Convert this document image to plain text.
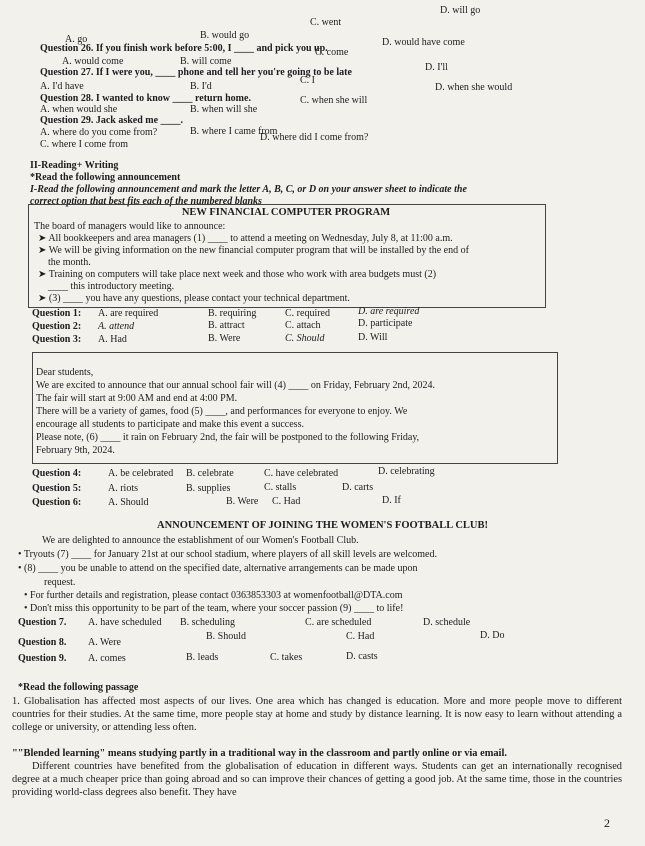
D. will go
C. went
B. would go
A. go
Question 26. If you finish work before 5:00, I ____ and pick you up.
D. would have come
C. come
A. would come	B. will come
Question 27. If I were you, ____ phone and tell her you're going to be late	D. I'll
C. I
A. I'd have	B. I'd	D. when she would
Question 28. I wanted to know ____ return home.	C. when she will
A. when would she	B. when will she
Question 29. Jack asked me ____.
A. where do you come from?	B. where I came from
C. where I come from
D. where did I come from?
II-Reading+ Writing
*Read the following announcement
I-Read the following announcement and mark the letter A, B, C, or D on your answer sheet to indicate the
correct option that best fits each of the numbered blanks
NEW FINANCIAL COMPUTER PROGRAM
The board of managers would like to announce:
➤ All bookkeepers and area managers (1) ____ to attend a meeting on Wednesday, July 8, at 11:00 a.m.
➤ We will be giving information on the new financial computer program that will be installed by the end of
the month.
➤ Training on computers will take place next week and those who work with area budgets must (2)
____ this introductory meeting.
➤ (3) ____ you have any questions, please contact your technical department.
Question 1: A. are required	B. requiring	C. required	D. are required
Question 2: A. attend	B. attract	C. attach	D. participate
Question 3: A. Had	B. Were	C. Should	D. Will
Dear students,
We are excited to announce that our annual school fair will (4) ____ on Friday, February 2nd, 2024.
The fair will start at 9:00 AM and end at 4:00 PM.
There will be a variety of games, food (5) ____, and performances for everyone to enjoy. We
encourage all students to participate and make this event a success.
Please note, (6) ____ it rain on February 2nd, the fair will be postponed to the following Friday,
February 9th, 2024.
Question 4:	A. be celebrated B. celebrate	C. have celebrated	D. celebrating
Question 5:	A. riots	B. supplies	C. stalls	D. carts
Question 6:	A. Should	B. Were C. Had	D. If
ANNOUNCEMENT OF JOINING THE WOMEN'S FOOTBALL CLUB!
We are delighted to announce the establishment of our Women's Football Club.
• Tryouts (7) ____ for January 21st at our school stadium, where players of all skill levels are welcomed.
• (8) ____ you be unable to attend on the specified date, alternative arrangements can be made upon
request.
• For further details and registration, please contact 0363853303 at womenfootball@DTA.com
• Don't miss this opportunity to be part of the team, where your soccer passion (9) ____ to life!
Question 7. A. have scheduled B. scheduling	C. are scheduled	D. schedule
Question 8. A. Were
B. Should	C. Had	D. Do
Question 9. A. comes	B. leads	C. takes	D. casts
*Read the following passage
1. Globalisation has affected most aspects of our lives. One area which has changed is education. More and more people move to different countries for their studies. At the same time, more people stay at home and study by distance learning. It is now easy to learn without attending a college or university, or attending less often.
""Blended learning" means studying partly in a traditional way in the classroom and partly online or via email.
Different countries have benefited from the globalisation of education in different ways. Students can get an internationally recognised degree at a much cheaper price than going abroad and so can improve their chances of getting a good job. At the same time, those in the countries providing world-class degrees also benefit. They have
2
